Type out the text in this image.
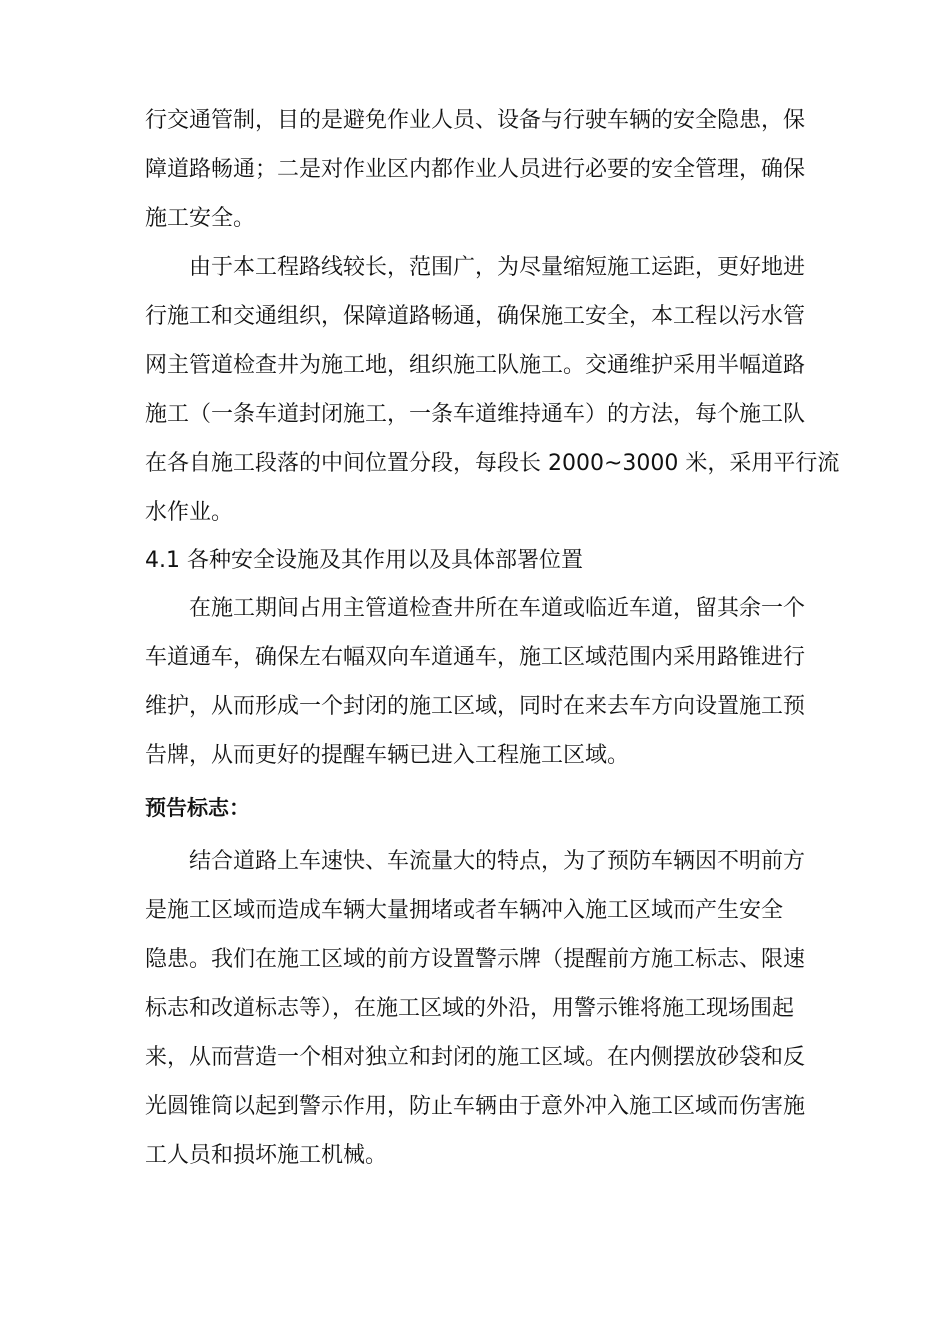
行交通管制，目的是避免作业人员、设备与行驶车辆的安全隐患，保
障道路畅通；二是对作业区内都作业人员进行必要的安全管理，确保
施工安全。

由于本工程路线较长，范围广，为尽量缩短施工运距，更好地进
行施工和交通组织，保障道路畅通，确保施工安全，本工程以污水管
网主管道检查井为施工地，组织施工队施工。交通维护采用半幅道路
施工（一条车道封闭施工，一条车道维持通车）的方法，每个施工队
在各自施工段落的中间位置分段，每段长 2000~3000 米，采用平行流
水作业。

4.1 各种安全设施及其作用以及具体部署位置

在施工期间占用主管道检查井所在车道或临近车道，留其余一个
车道通车，确保左右幅双向车道通车，施工区域范围内采用路锥进行
维护，从而形成一个封闭的施工区域，同时在来去车方向设置施工预
告牌，从而更好的提醒车辆已进入工程施工区域。

预告标志：

结合道路上车速快、车流量大的特点，为了预防车辆因不明前方
是施工区域而造成车辆大量拥堵或者车辆冲入施工区域而产生安全
隐患。我们在施工区域的前方设置警示牌（提醒前方施工标志、限速
标志和改道标志等），在施工区域的外沿，用警示锥将施工现场围起
来，从而营造一个相对独立和封闭的施工区域。在内侧摆放砂袋和反
光圆锥筒以起到警示作用，防止车辆由于意外冲入施工区域而伤害施
工人员和损坏施工机械。
